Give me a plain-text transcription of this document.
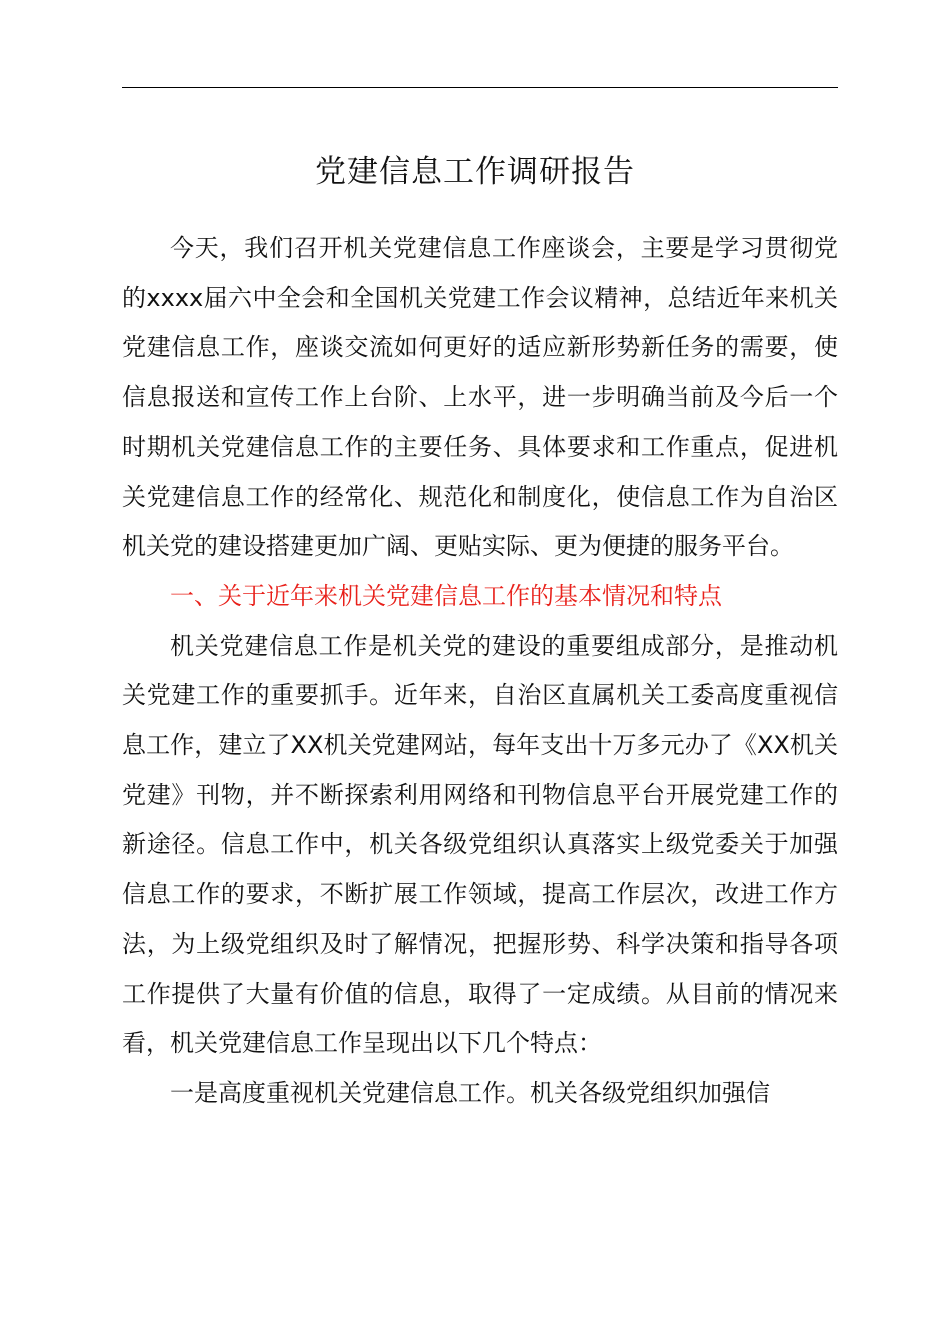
党建信息工作调研报告

今天，我们召开机关党建信息工作座谈会，主要是学习贯彻党的xxxx届六中全会和全国机关党建工作会议精神，总结近年来机关党建信息工作，座谈交流如何更好的适应新形势新任务的需要，使信息报送和宣传工作上台阶、上水平，进一步明确当前及今后一个时期机关党建信息工作的主要任务、具体要求和工作重点，促进机关党建信息工作的经常化、规范化和制度化，使信息工作为自治区机关党的建设搭建更加广阔、更贴实际、更为便捷的服务平台。

一、关于近年来机关党建信息工作的基本情况和特点

机关党建信息工作是机关党的建设的重要组成部分，是推动机关党建工作的重要抓手。近年来，自治区直属机关工委高度重视信息工作，建立了XX机关党建网站，每年支出十万多元办了《XX机关党建》刊物，并不断探索利用网络和刊物信息平台开展党建工作的新途径。信息工作中，机关各级党组织认真落实上级党委关于加强信息工作的要求，不断扩展工作领域，提高工作层次，改进工作方法，为上级党组织及时了解情况，把握形势、科学决策和指导各项工作提供了大量有价值的信息，取得了一定成绩。从目前的情况来看，机关党建信息工作呈现出以下几个特点：

一是高度重视机关党建信息工作。机关各级党组织加强信
